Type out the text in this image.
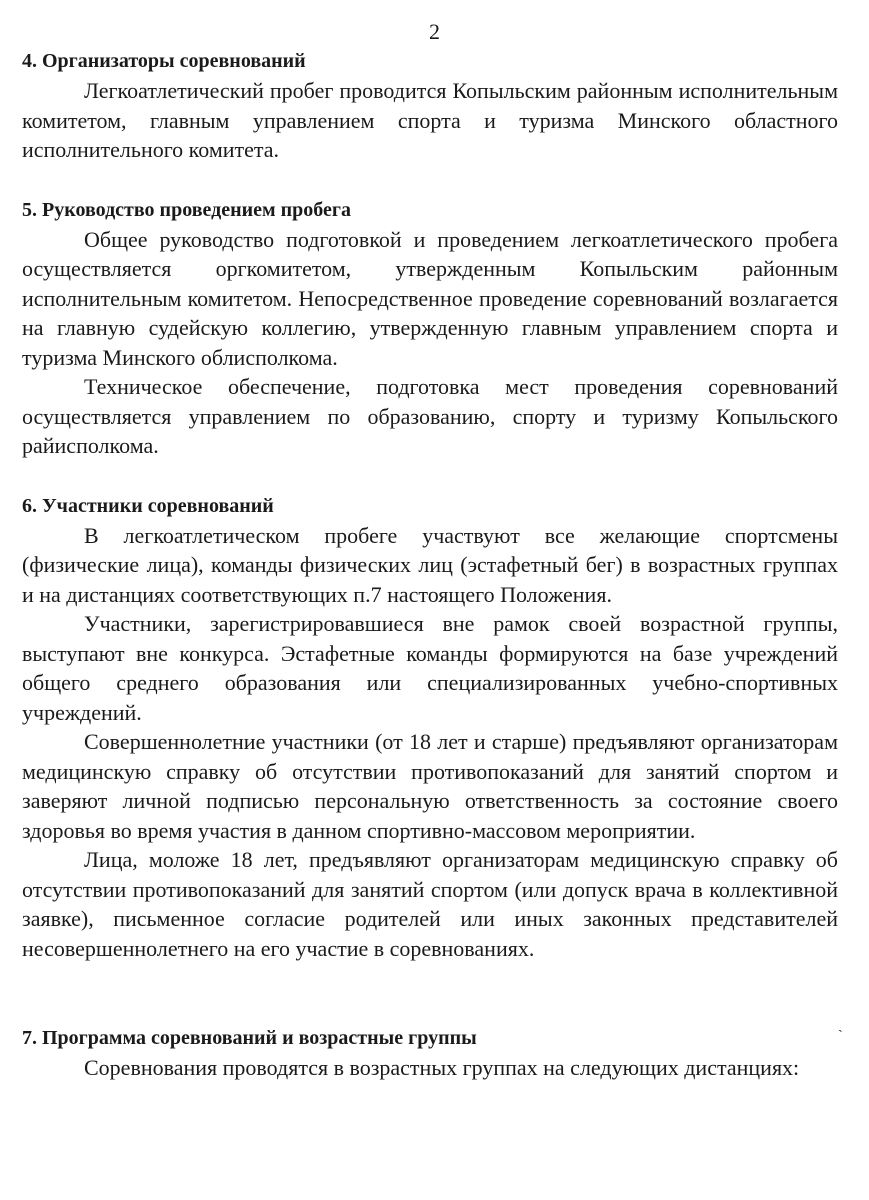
2
4. Организаторы соревнований

Легкоатлетический пробег проводится Копыльским районным исполнительным комитетом, главным управлением спорта и туризма Минского областного исполнительного комитета.

5. Руководство проведением пробега

Общее руководство подготовкой и проведением легкоатлетического пробега осуществляется оргкомитетом, утвержденным Копыльским районным исполнительным комитетом. Непосредственное проведение соревнований возлагается на главную судейскую коллегию, утвержденную главным управлением спорта и туризма Минского облисполкома.

Техническое обеспечение, подготовка мест проведения соревнований осуществляется управлением по образованию, спорту и туризму Копыльского райисполкома.

6. Участники соревнований

В легкоатлетическом пробеге участвуют все желающие спортсмены (физические лица), команды физических лиц (эстафетный бег) в возрастных группах и на дистанциях соответствующих п.7 настоящего Положения.

Участники, зарегистрировавшиеся вне рамок своей возрастной группы, выступают вне конкурса. Эстафетные команды формируются на базе учреждений общего среднего образования или специализированных учебно-спортивных учреждений.

Совершеннолетние участники (от 18 лет и старше) предъявляют организаторам медицинскую справку об отсутствии противопоказаний для занятий спортом и заверяют личной подписью персональную ответственность за состояние своего здоровья во время участия в данном спортивно-массовом мероприятии.

Лица, моложе 18 лет, предъявляют организаторам медицинскую справку об отсутствии противопоказаний для занятий спортом (или допуск врача в коллективной заявке), письменное согласие родителей или иных законных представителей несовершеннолетнего на его участие в соревнованиях.

7. Программа соревнований и возрастные группы

Соревнования проводятся в возрастных группах на следующих дистанциях:

ˏ
